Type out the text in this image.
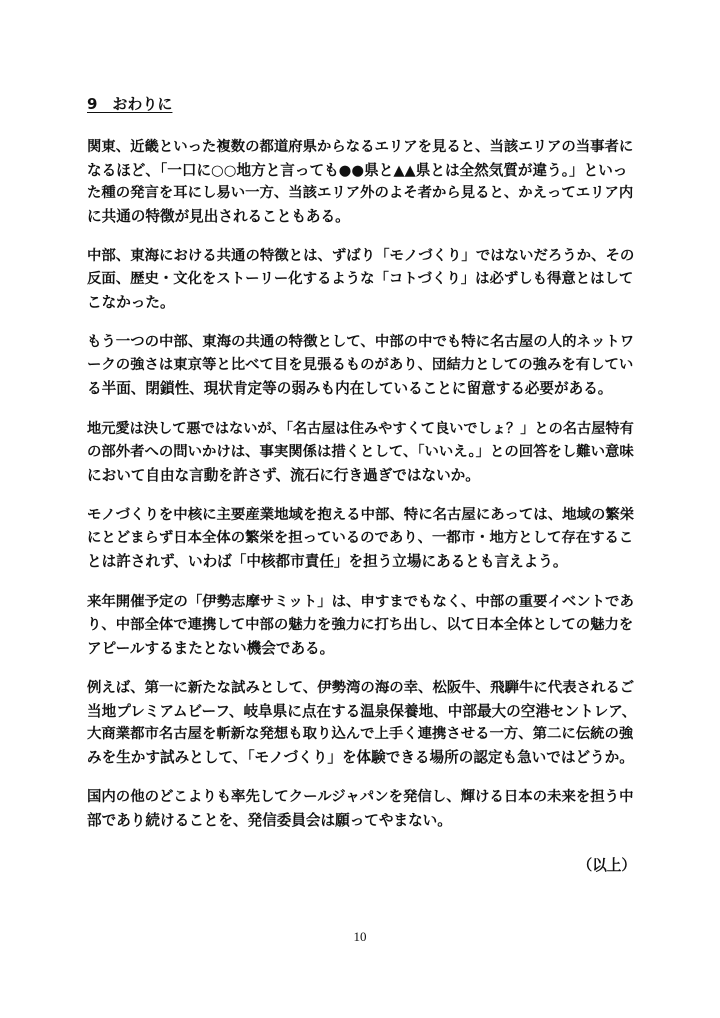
9　おわりに
関東、近畿といった複数の都道府県からなるエリアを見ると、当該エリアの当事者に
なるほど、「一口に○○地方と言っても●●県と▲▲県とは全然気質が違う。」といっ
た種の発言を耳にし易い一方、当該エリア外のよそ者から見ると、かえってエリア内
に共通の特徴が見出されることもある。
中部、東海における共通の特徴とは、ずばり「モノづくり」ではないだろうか、その
反面、歴史・文化をストーリー化するような「コトづくり」は必ずしも得意とはして
こなかった。
もう一つの中部、東海の共通の特徴として、中部の中でも特に名古屋の人的ネットワ
ークの強さは東京等と比べて目を見張るものがあり、団結力としての強みを有してい
る半面、閉鎖性、現状肯定等の弱みも内在していることに留意する必要がある。
地元愛は決して悪ではないが、「名古屋は住みやすくて良いでしょ？」との名古屋特有
の部外者への問いかけは、事実関係は措くとして、「いいえ。」との回答をし難い意味
において自由な言動を許さず、流石に行き過ぎではないか。
モノづくりを中核に主要産業地域を抱える中部、特に名古屋にあっては、地域の繁栄
にとどまらず日本全体の繁栄を担っているのであり、一都市・地方として存在するこ
とは許されず、いわば「中核都市責任」を担う立場にあるとも言えよう。
来年開催予定の「伊勢志摩サミット」は、申すまでもなく、中部の重要イベントであ
り、中部全体で連携して中部の魅力を強力に打ち出し、以て日本全体としての魅力を
アピールするまたとない機会である。
例えば、第一に新たな試みとして、伊勢湾の海の幸、松阪牛、飛騨牛に代表されるご
当地プレミアムビーフ、岐阜県に点在する温泉保養地、中部最大の空港セントレア、
大商業都市名古屋を斬新な発想も取り込んで上手く連携させる一方、第二に伝統の強
みを生かす試みとして、「モノづくり」を体験できる場所の認定も急いではどうか。
国内の他のどこよりも率先してクールジャパンを発信し、輝ける日本の未来を担う中
部であり続けることを、発信委員会は願ってやまない。
（以上）
10
